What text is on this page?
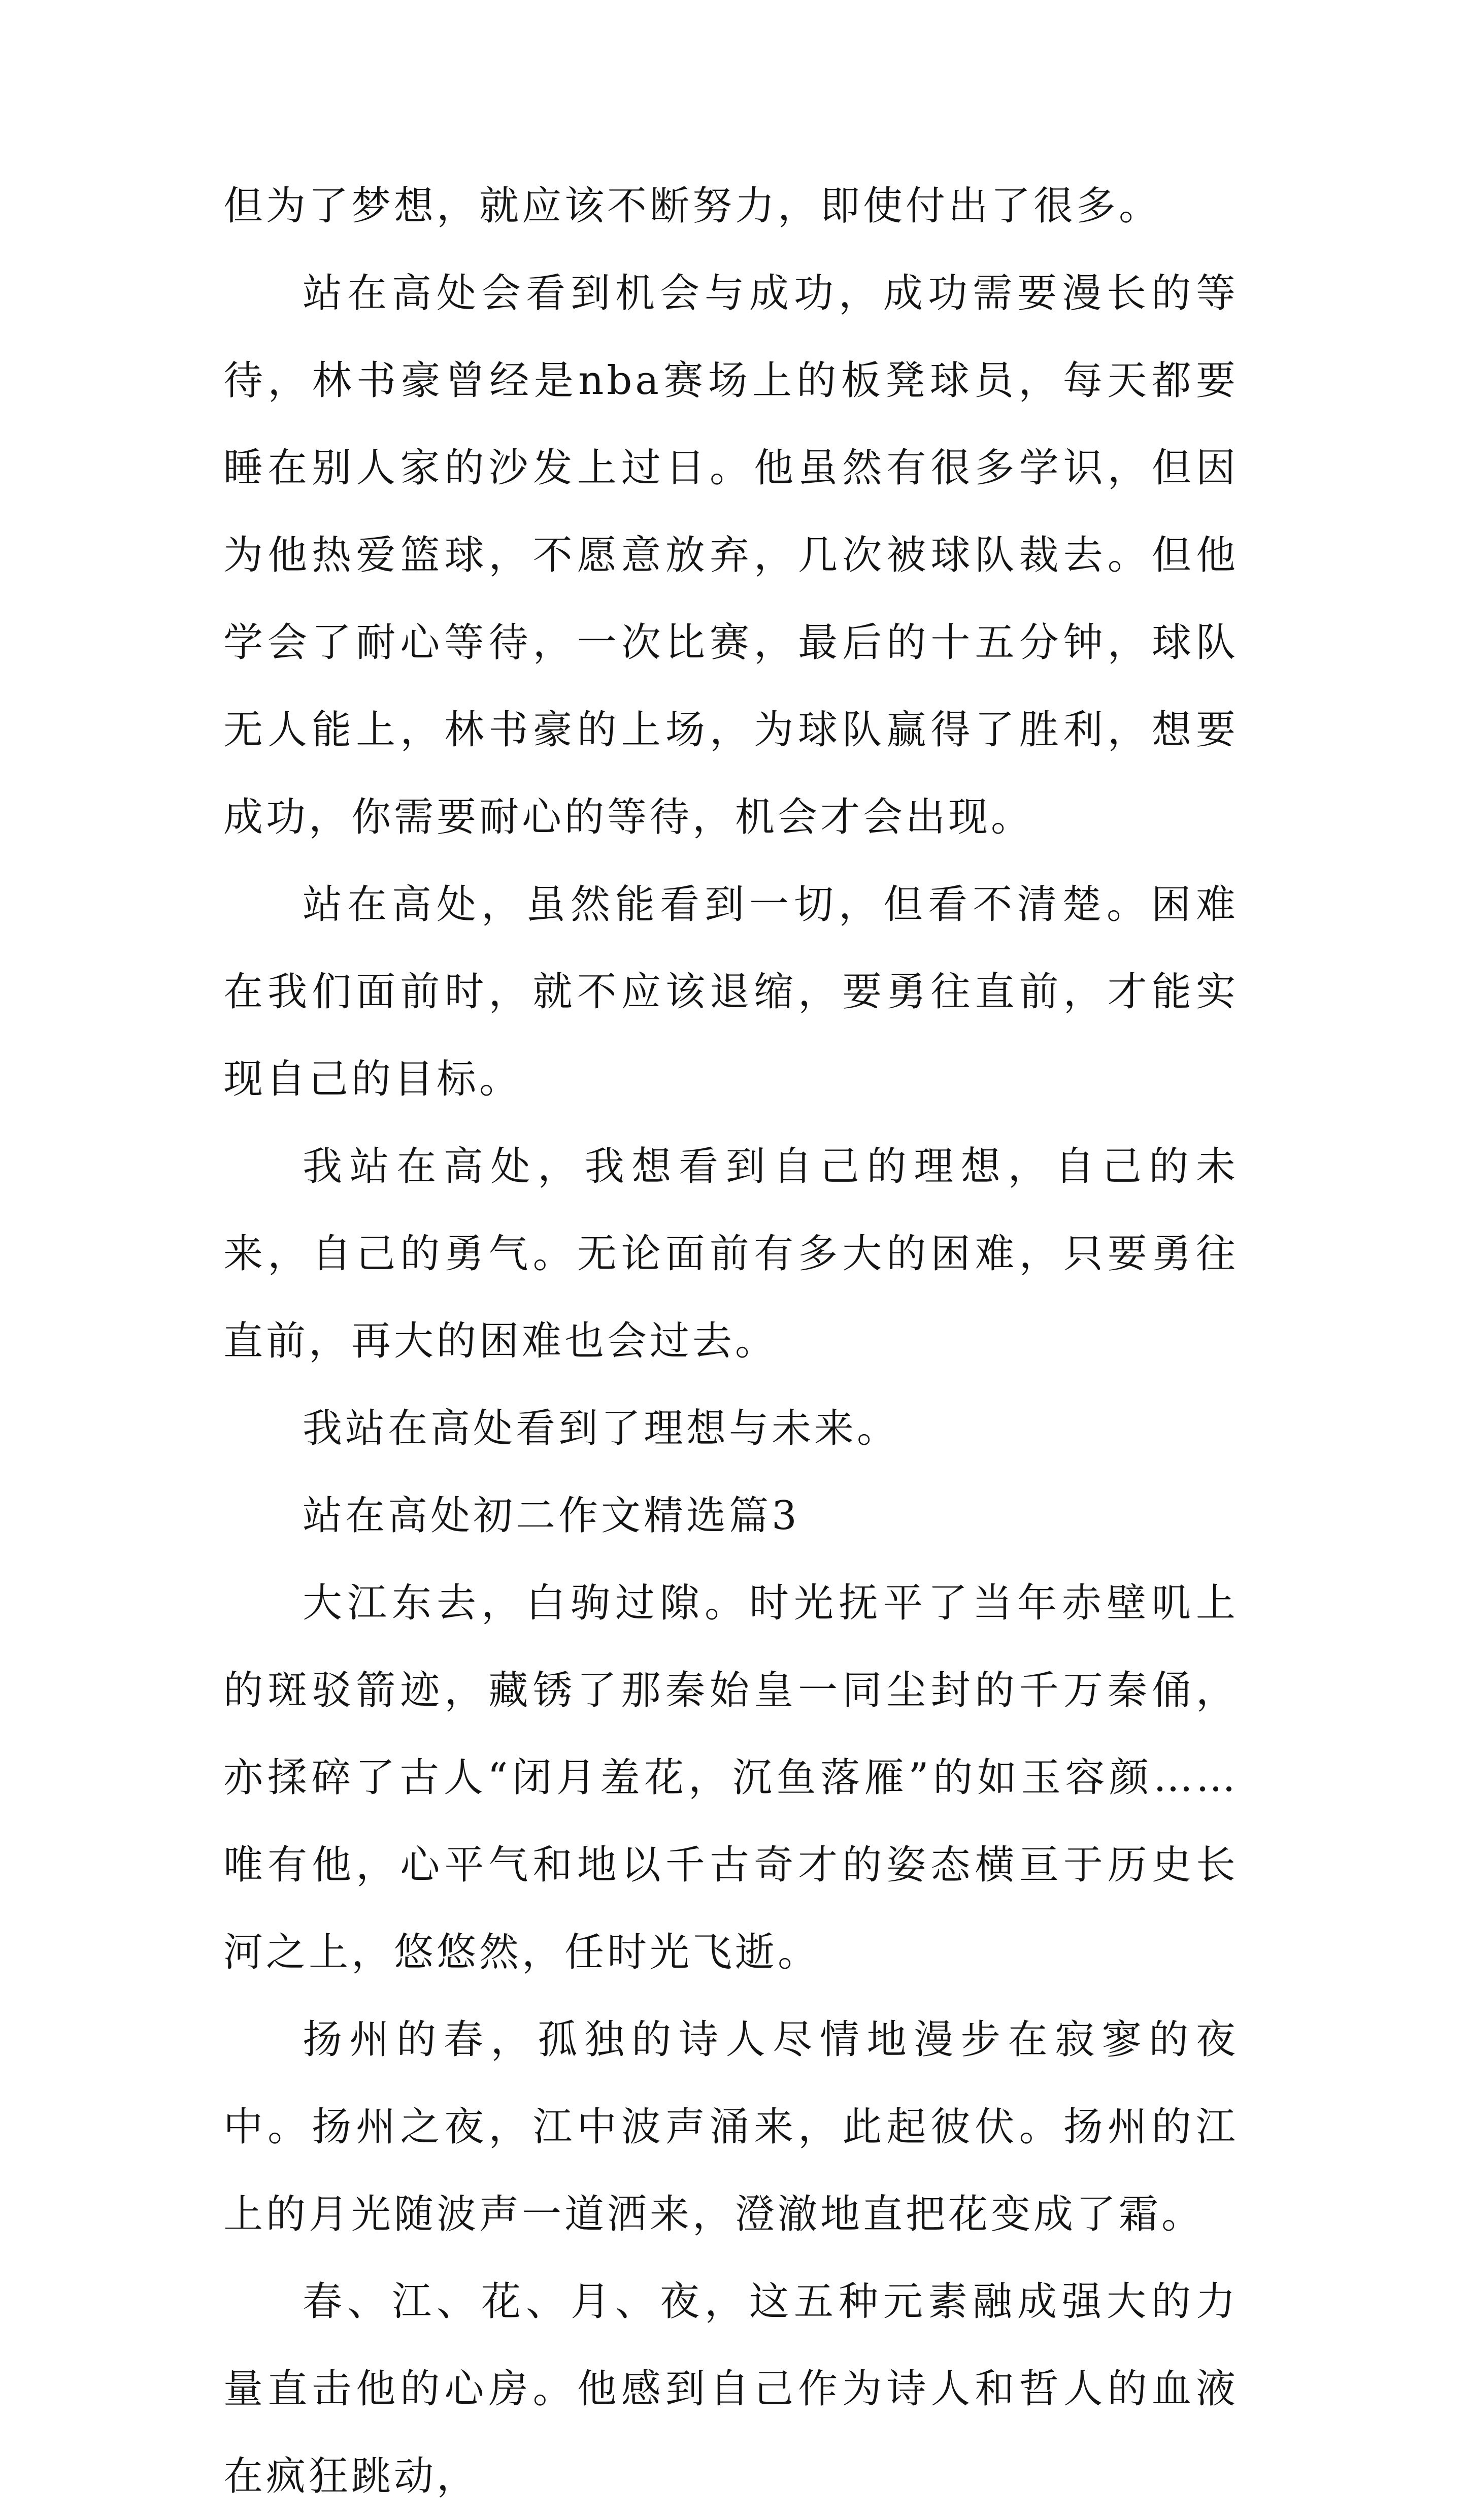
但为了梦想，就应该不断努力，即使付出了很多。

站在高处会看到机会与成功，成功需要漫长的等待，林书豪曾经是nba赛场上的板凳球员，每天都要睡在别人家的沙发上过日。他虽然有很多学识，但因为他热爱篮球，不愿意放弃，几次被球队裁去。但他学会了耐心等待，一次比赛，最后的十五分钟，球队无人能上，林书豪的上场，为球队赢得了胜利，想要成功，你需要耐心的等待，机会才会出现。

站在高处，虽然能看到一切，但看不清楚。困难在我们面前时，就不应该退缩，要勇往直前，才能实现自己的目标。

我站在高处，我想看到自己的理想，自己的未来，自己的勇气。无论面前有多大的困难，只要勇往直前，再大的困难也会过去。

我站在高处看到了理想与未来。

站在高处初二作文精选篇3

大江东去，白驹过隙。时光抚平了当年赤壁叽上的斑驳箭迹，藏锈了那秦始皇一同尘封的千万秦俑，亦揉碎了古人“闭月羞花，沉鱼落雁”的如玉容颜……唯有他，心平气和地以千古奇才的姿态横亘于历史长河之上，悠悠然，任时光飞逝。

扬州的春，孤独的诗人尽情地漫步在寂寥的夜中。扬州之夜，江中波声涌来，此起彼伏。扬州的江上的月光随波声一道洒来，澄澈地直把花变成了霜。

春、江、花、月、夜，这五种元素融成强大的力量直击他的心房。他感到自己作为诗人和哲人的血液在疯狂跳动，
